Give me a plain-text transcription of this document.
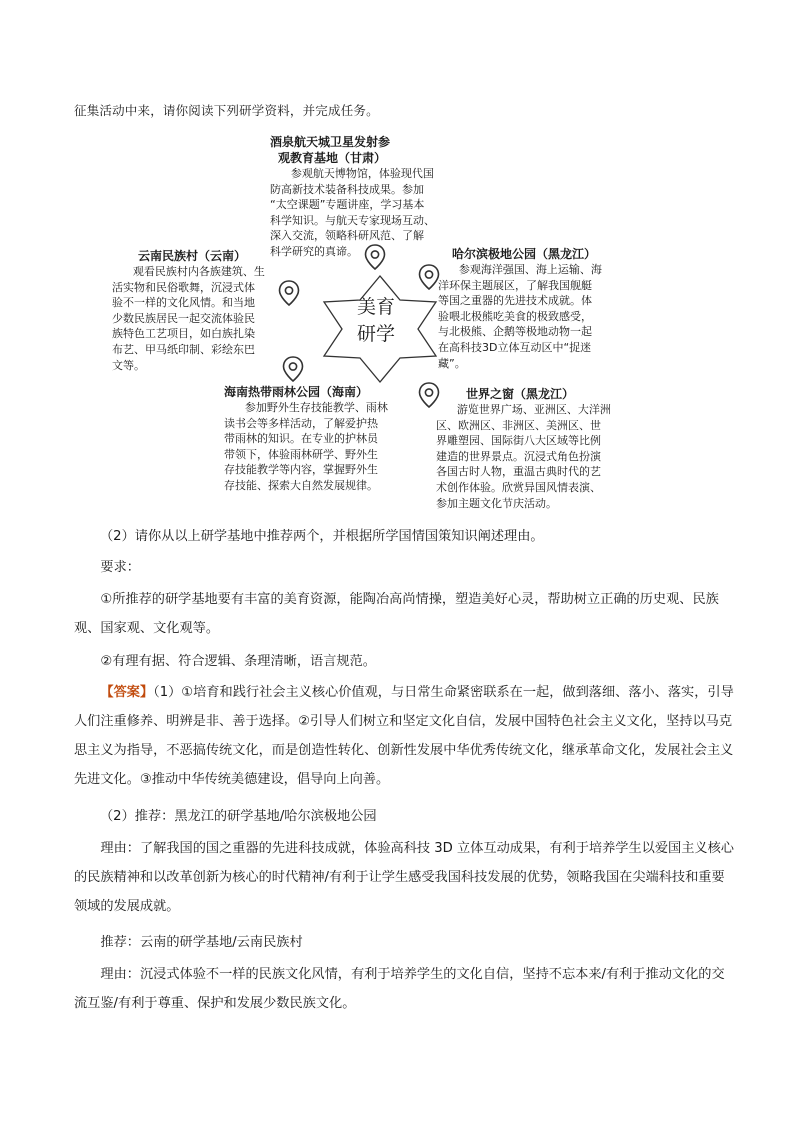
征集活动中来，请你阅读下列研学资料，并完成任务。
美育
研学
酒泉航天城卫星发射参
观教育基地（甘肃）
参观航天博物馆，体验现代国
防高新技术装备科技成果。参加
“太空课题”专题讲座，学习基本
科学知识。与航天专家现场互动、
深入交流，领略科研风范、了解
科学研究的真谛。
云南民族村（云南）
观看民族村内各族建筑、生
活实物和民俗歌舞，沉浸式体
验不一样的文化风情。和当地
少数民族居民一起交流体验民
族特色工艺项目，如白族扎染
布艺、甲马纸印制、彩绘东巴
文等。
哈尔滨极地公园（黑龙江）
参观海洋强国、海上运输、海
洋环保主题展区，了解我国舰艇
等国之重器的先进技术成就。体
验喂北极熊吃美食的极致感受，
与北极熊、企鹅等极地动物一起
在高科技3D立体互动区中“捉迷
藏”。
海南热带雨林公园（海南）
参加野外生存技能教学、雨林
读书会等多样活动，了解爱护热
带雨林的知识。在专业的护林员
带领下，体验雨林研学、野外生
存技能教学等内容，掌握野外生
存技能、探索大自然发展规律。
世界之窗（黑龙江）
游览世界广场、亚洲区、大洋洲
区、欧洲区、非洲区、美洲区、世
界雕塑园、国际街八大区域等比例
建造的世界景点。沉浸式角色扮演
各国古时人物，重温古典时代的艺
术创作体验。欣赏异国风情表演、
参加主题文化节庆活动。
（2）请你从以上研学基地中推荐两个，并根据所学国情国策知识阐述理由。
要求：
①所推荐的研学基地要有丰富的美育资源，能陶冶高尚情操，塑造美好心灵，帮助树立正确的历史观、民族观、国家观、文化观等。
②有理有据、符合逻辑、条理清晰，语言规范。
【答案】（1）①培育和践行社会主义核心价值观，与日常生命紧密联系在一起，做到落细、落小、落实，引导人们注重修养、明辨是非、善于选择。②引导人们树立和坚定文化自信，发展中国特色社会主义文化，坚持以马克思主义为指导，不恶搞传统文化，而是创造性转化、创新性发展中华优秀传统文化，继承革命文化，发展社会主义先进文化。③推动中华传统美德建设，倡导向上向善。
（2）推荐：黑龙江的研学基地/哈尔滨极地公园
理由：了解我国的国之重器的先进科技成就，体验高科技 3D 立体互动成果，有利于培养学生以爱国主义核心的民族精神和以改革创新为核心的时代精神/有利于让学生感受我国科技发展的优势，领略我国在尖端科技和重要领域的发展成就。
推荐：云南的研学基地/云南民族村
理由：沉浸式体验不一样的民族文化风情，有利于培养学生的文化自信，坚持不忘本来/有利于推动文化的交流互鉴/有利于尊重、保护和发展少数民族文化。
